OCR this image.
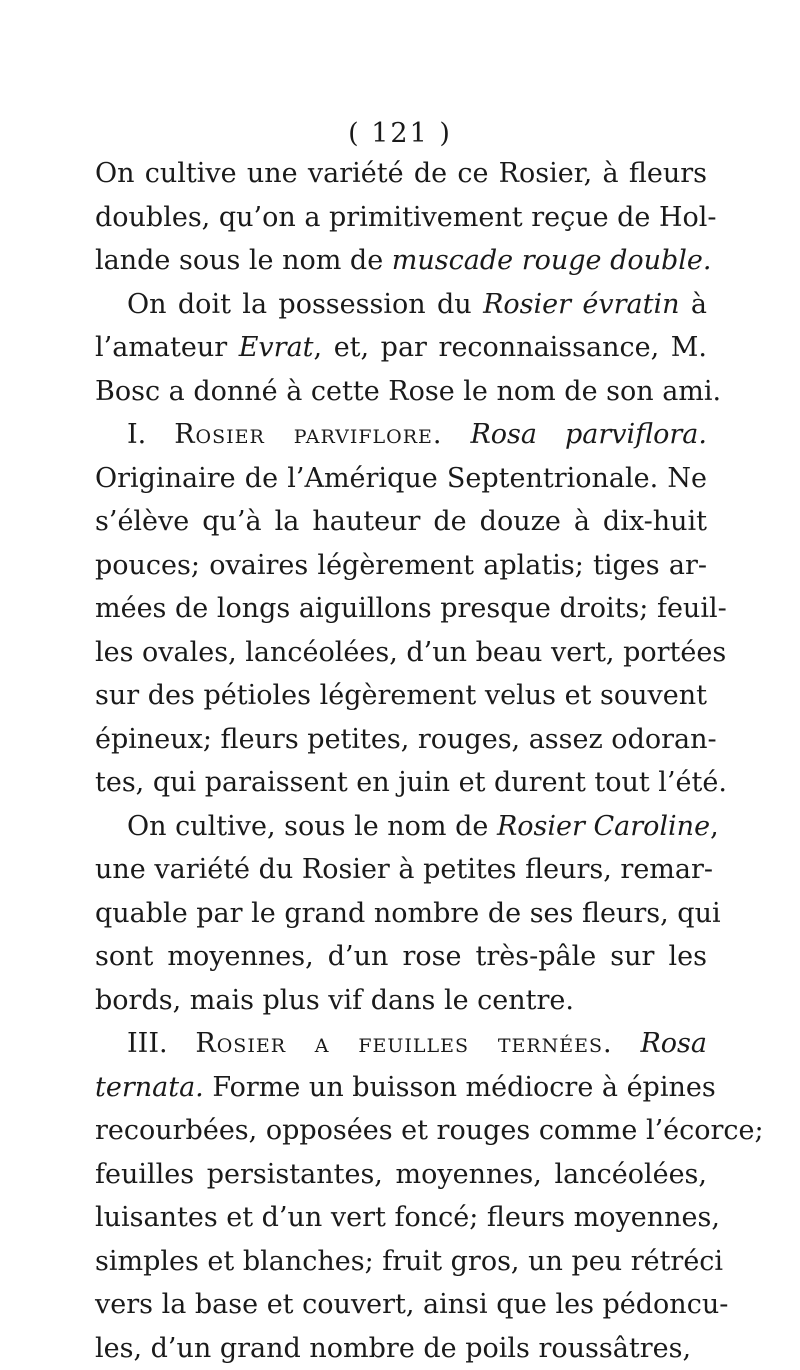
( 121 )
On cultive une variété de ce Rosier, à fleurs
doubles, qu’on a primitivement reçue de Hol-
lande sous le nom de muscade rouge double.
On doit la possession du Rosier évratin à
l’amateur Evrat, et, par reconnaissance, M.
Bosc a donné à cette Rose le nom de son ami.
I. Rosier parviflore. Rosa parviflora.
Originaire de l’Amérique Septentrionale. Ne
s’élève qu’à la hauteur de douze à dix-huit
pouces; ovaires légèrement aplatis; tiges ar-
mées de longs aiguillons presque droits; feuil-
les ovales, lancéolées, d’un beau vert, portées
sur des pétioles légèrement velus et souvent
épineux; fleurs petites, rouges, assez odoran-
tes, qui paraissent en juin et durent tout l’été.
On cultive, sous le nom de Rosier Caroline,
une variété du Rosier à petites fleurs, remar-
quable par le grand nombre de ses fleurs, qui
sont moyennes, d’un rose très-pâle sur les
bords, mais plus vif dans le centre.
III. Rosier a feuilles ternées. Rosa
ternata. Forme un buisson médiocre à épines
recourbées, opposées et rouges comme l’écorce;
feuilles persistantes, moyennes, lancéolées,
luisantes et d’un vert foncé; fleurs moyennes,
simples et blanches; fruit gros, un peu rétréci
vers la base et couvert, ainsi que les pédoncu-
les, d’un grand nombre de poils roussâtres,
